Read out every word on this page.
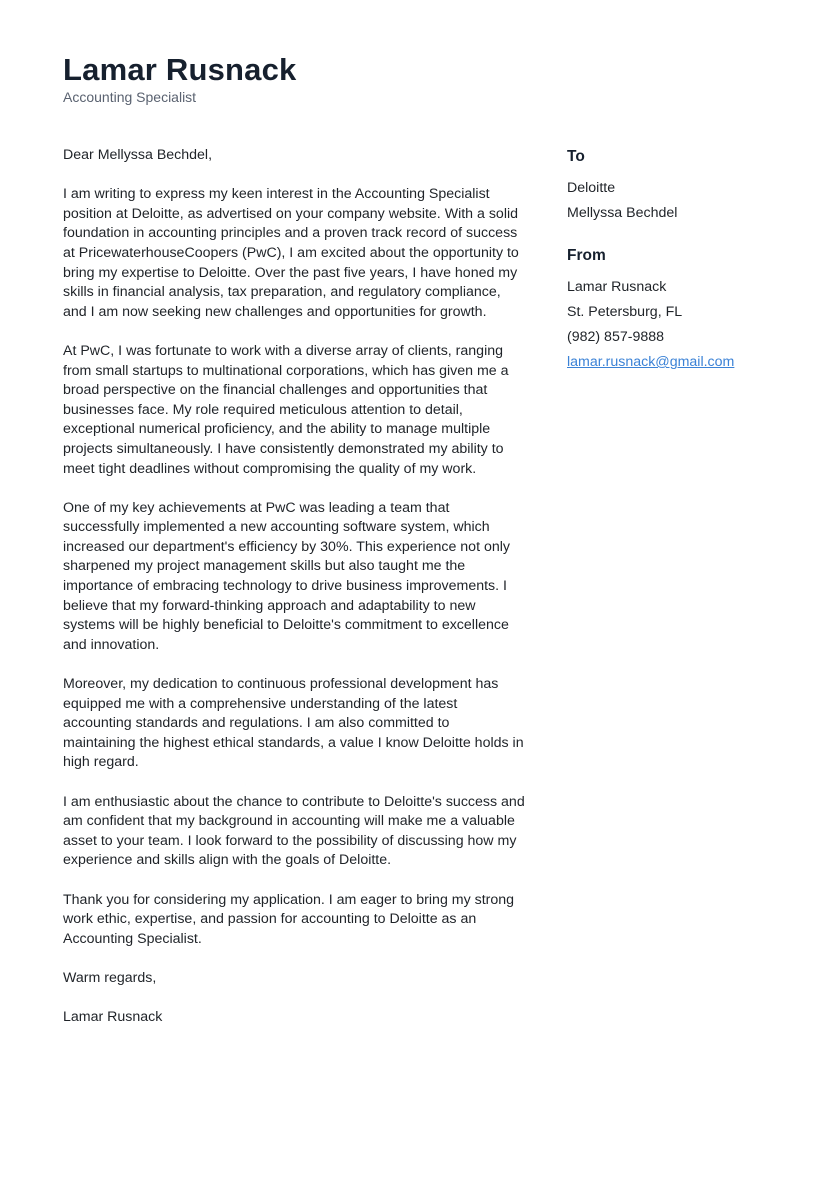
Lamar Rusnack
Accounting Specialist

Dear Mellyssa Bechdel,

I am writing to express my keen interest in the Accounting Specialist position at Deloitte, as advertised on your company website. With a solid foundation in accounting principles and a proven track record of success at PricewaterhouseCoopers (PwC), I am excited about the opportunity to bring my expertise to Deloitte. Over the past five years, I have honed my skills in financial analysis, tax preparation, and regulatory compliance, and I am now seeking new challenges and opportunities for growth.

At PwC, I was fortunate to work with a diverse array of clients, ranging from small startups to multinational corporations, which has given me a broad perspective on the financial challenges and opportunities that businesses face. My role required meticulous attention to detail, exceptional numerical proficiency, and the ability to manage multiple projects simultaneously. I have consistently demonstrated my ability to meet tight deadlines without compromising the quality of my work.

One of my key achievements at PwC was leading a team that successfully implemented a new accounting software system, which increased our department's efficiency by 30%. This experience not only sharpened my project management skills but also taught me the importance of embracing technology to drive business improvements. I believe that my forward-thinking approach and adaptability to new systems will be highly beneficial to Deloitte's commitment to excellence and innovation.

Moreover, my dedication to continuous professional development has equipped me with a comprehensive understanding of the latest accounting standards and regulations. I am also committed to maintaining the highest ethical standards, a value I know Deloitte holds in high regard.

I am enthusiastic about the chance to contribute to Deloitte's success and am confident that my background in accounting will make me a valuable asset to your team. I look forward to the possibility of discussing how my experience and skills align with the goals of Deloitte.

Thank you for considering my application. I am eager to bring my strong work ethic, expertise, and passion for accounting to Deloitte as an Accounting Specialist.

Warm regards,

Lamar Rusnack

To
Deloitte
Mellyssa Bechdel
From
Lamar Rusnack
St. Petersburg, FL
(982) 857-9888
lamar.rusnack@gmail.com
